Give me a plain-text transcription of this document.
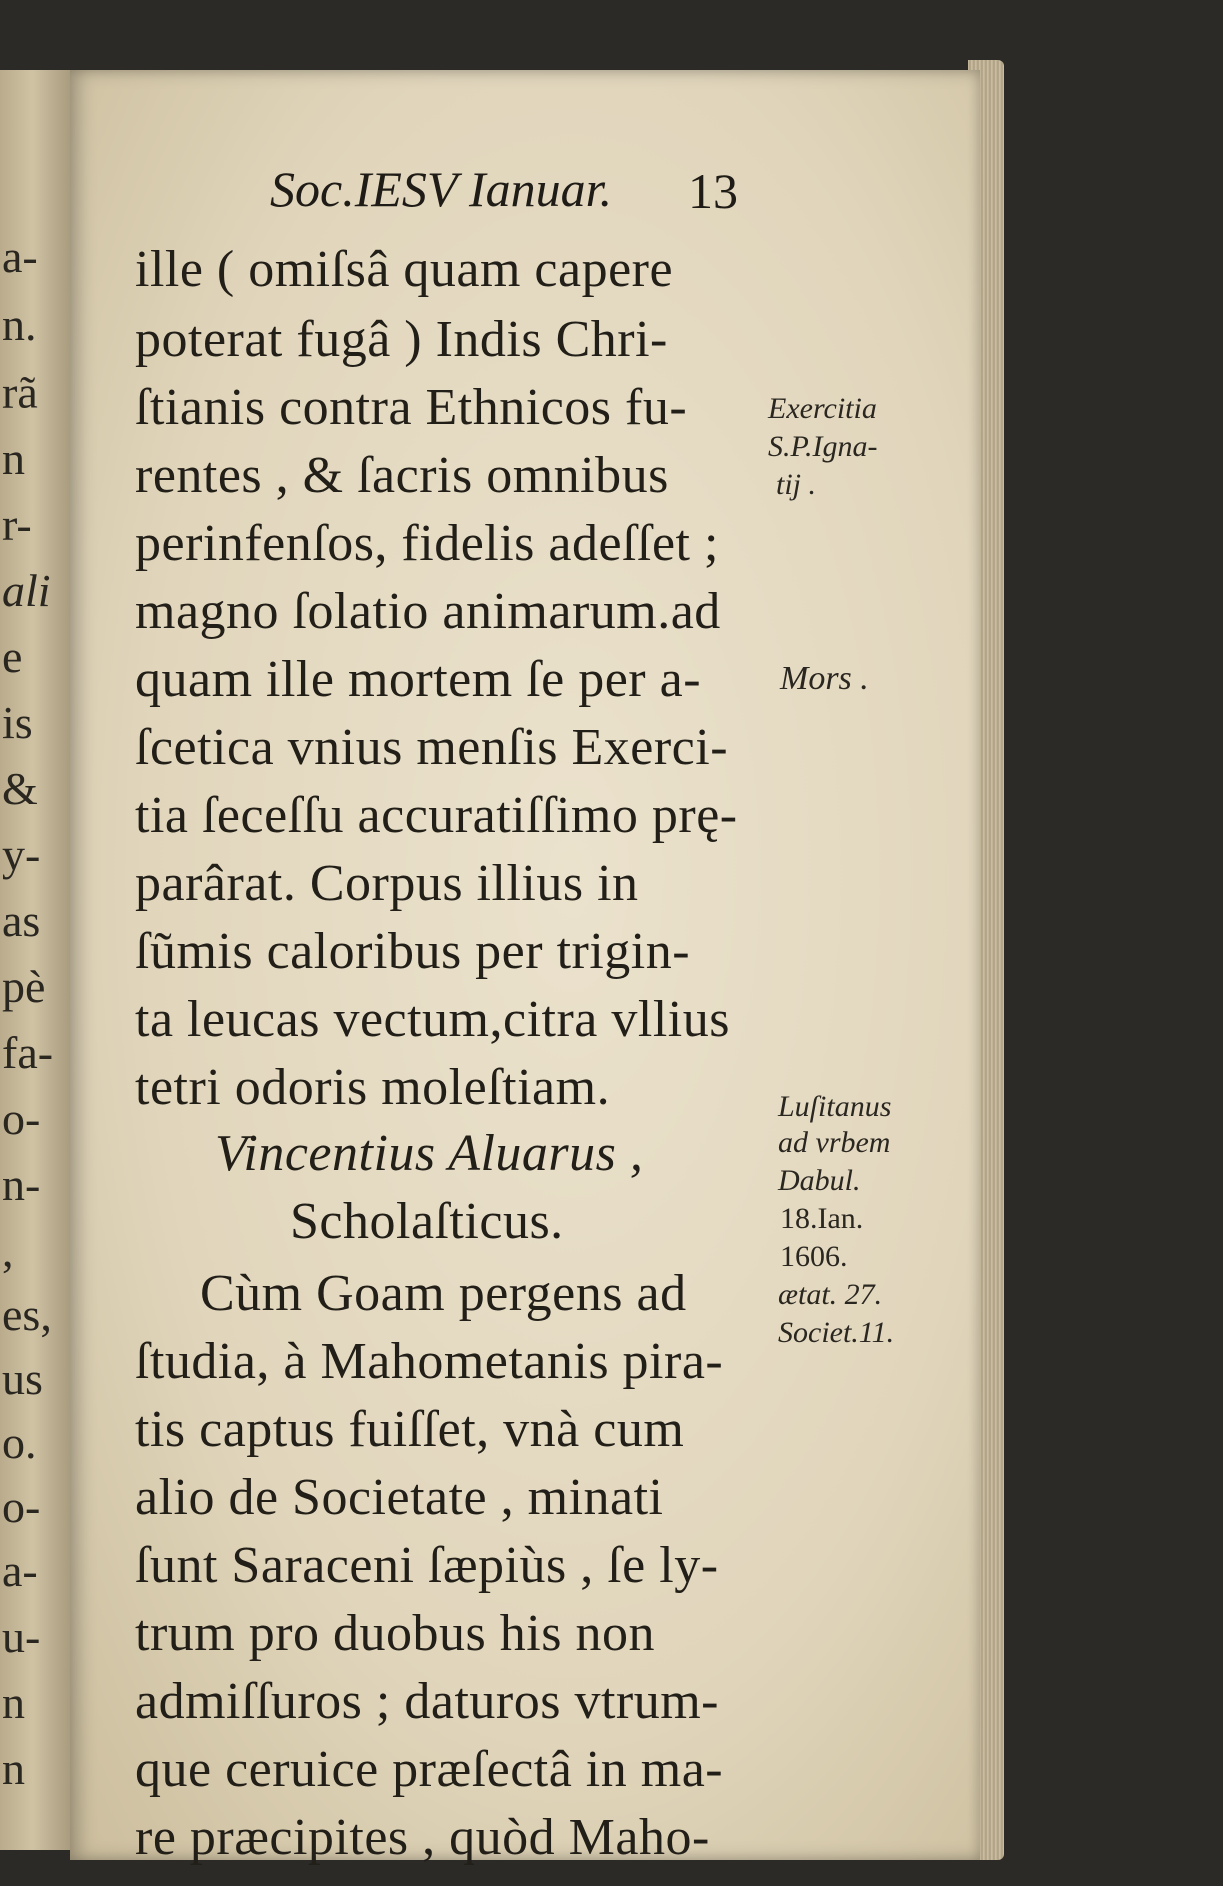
a-
n.
rã
n
r-
ali
e
is
&
y-
as
pè
fa-
o-
n-
,
es,
us
o.
o-
a-
u-
n
n
Soc.IESV Ianuar. 13
ille ( omiſsâ quam capere
poterat fugâ ) Indis Chri-
ſtianis contra Ethnicos fu-
rentes , & ſacris omnibus
perinfenſos, fidelis adeſſet ;
magno ſolatio animarum.ad
quam ille mortem ſe per a-
ſcetica vnius menſis Exerci-
tia ſeceſſu accuratiſſimo prę-
parârat. Corpus illius in
ſũmis caloribus per trigin-
ta leucas vectum,citra vllius
tetri odoris moleſtiam.
Vincentius Aluarus ,
Scholaſticus.
Cùm Goam pergens ad
ſtudia, à Mahometanis pira-
tis captus fuiſſet, vnà cum
alio de Societate , minati
ſunt Saraceni ſæpiùs , ſe ly-
trum pro duobus his non
admiſſuros ; daturos vtrum-
que ceruice præſectâ in ma-
re præcipites , quòd Maho-
Exercitia
S.P.Igna-
tij .
Mors .
Luſitanus
ad vrbem
Dabul.
18.Ian.
1606.
ætat. 27.
Societ.11.
